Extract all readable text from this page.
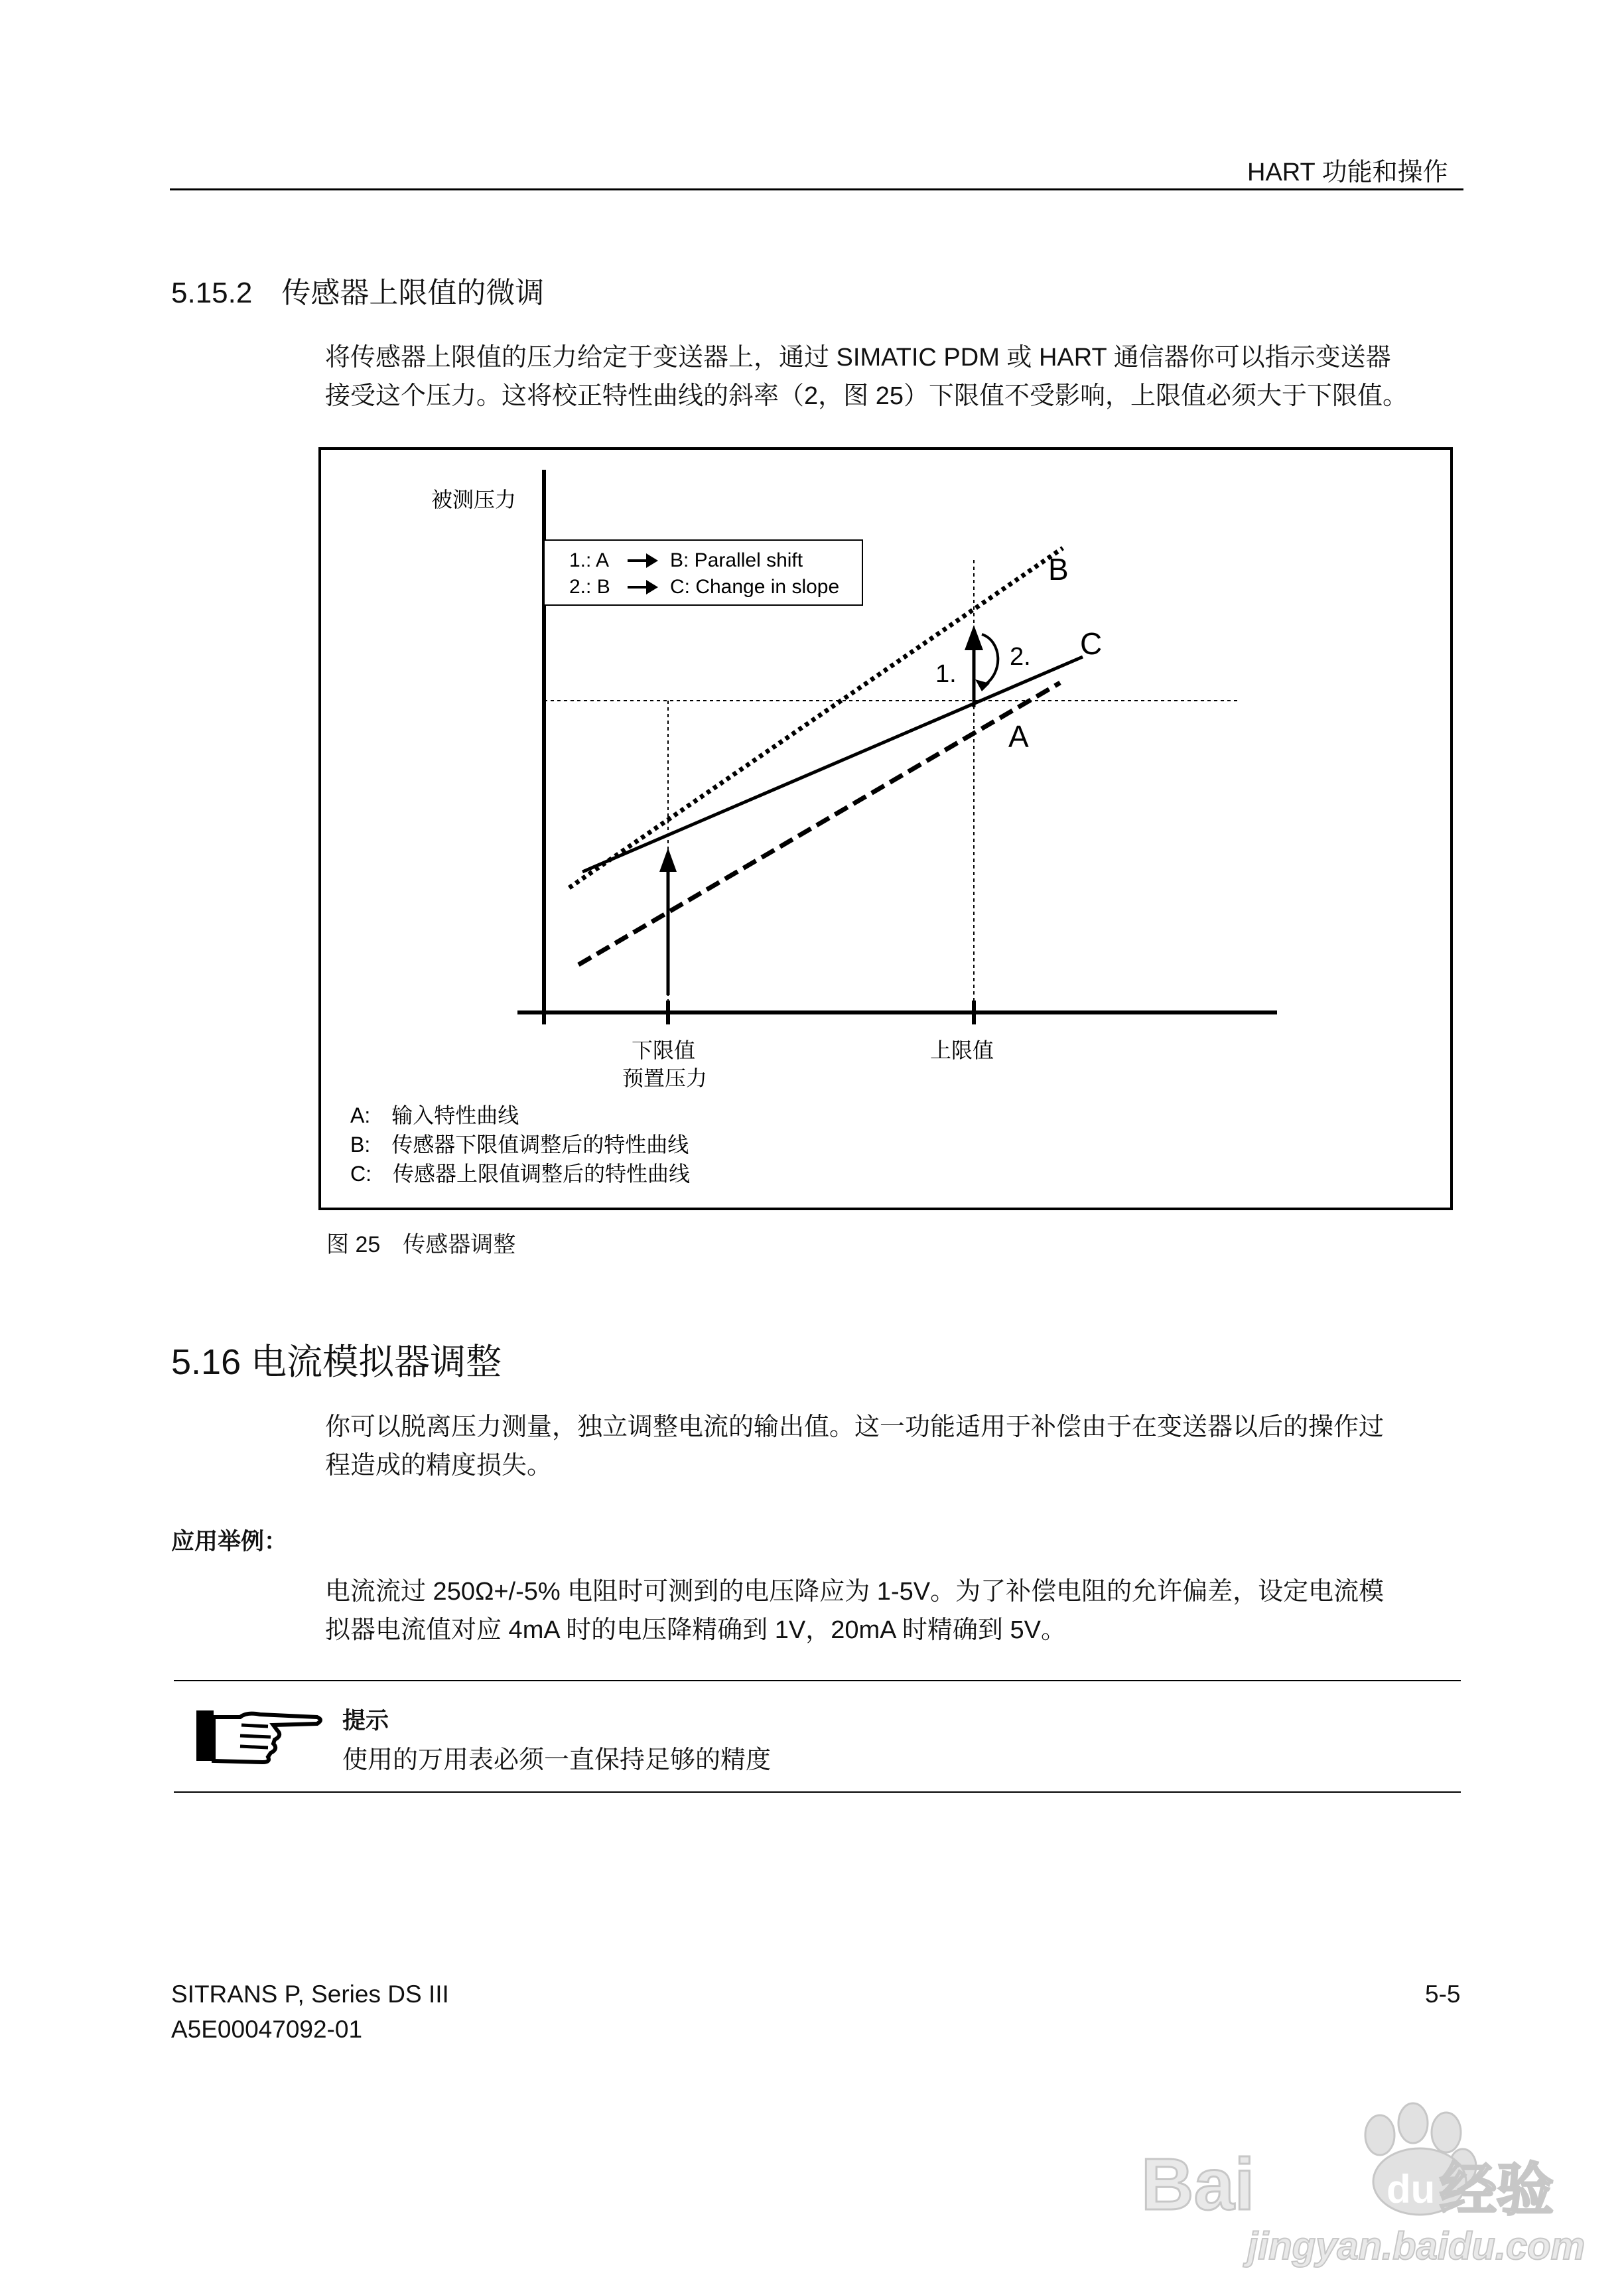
HART 功能和操作
5.15.2　传感器上限值的微调

将传感器上限值的压力给定于变送器上，通过 SIMATIC PDM 或 HART 通信器你可以指示变送器

接受这个压力。这将校正特性曲线的斜率（2，图 25）下限值不受影响，上限值必须大于下限值。

1.: A	B: Parallel shift
2.: B	C: Change in slope
B
C
A
1.
2.
被测压力
下限值
预置压力
上限值
A:　输入特性曲线
B:　传感器下限值调整后的特性曲线
C:　传感器上限值调整后的特性曲线
图 25　传感器调整
5.16 电流模拟器调整

你可以脱离压力测量，独立调整电流的输出值。这一功能适用于补偿由于在变送器以后的操作过

程造成的精度损失。

应用举例：

电流流过 250Ω+/-5% 电阻时可测到的电压降应为 1-5V。为了补偿电阻的允许偏差，设定电流模

拟器电流值对应 4mA 时的电压降精确到 1V，20mA 时精确到 5V。

提示
使用的万用表必须一直保持足够的精度
SITRANS P, Series DS III
A5E00047092-01
5-5
Bai	du 经验
jingyan.baidu.com
